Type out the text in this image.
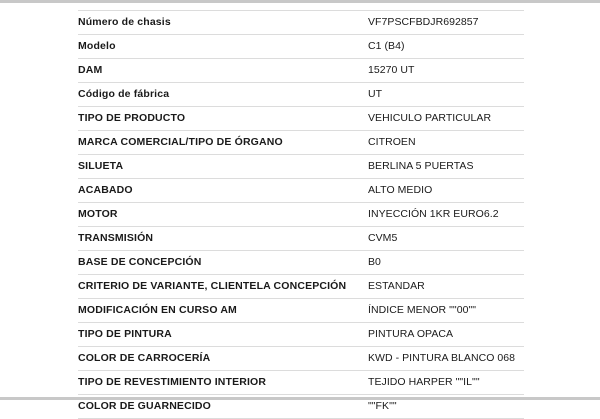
Número de chasis	VF7PSCFBDJR692857
Modelo	C1 (B4)
DAM	15270 UT
Código de fábrica	UT
TIPO DE PRODUCTO	VEHICULO PARTICULAR
MARCA COMERCIAL/TIPO DE ÓRGANO	CITROEN
SILUETA	BERLINA 5 PUERTAS
ACABADO	ALTO MEDIO
MOTOR	INYECCIÓN 1KR EURO6.2
TRANSMISIÓN	CVM5
BASE DE CONCEPCIÓN	B0
CRITERIO DE VARIANTE, CLIENTELA CONCEPCIÓN	ESTANDAR
MODIFICACIÓN EN CURSO AM	ÍNDICE MENOR ""00""
TIPO DE PINTURA	PINTURA OPACA
COLOR DE CARROCERÍA	KWD - PINTURA BLANCO 068
TIPO DE REVESTIMIENTO INTERIOR	TEJIDO HARPER ""IL""
COLOR DE GUARNECIDO	""FK""
